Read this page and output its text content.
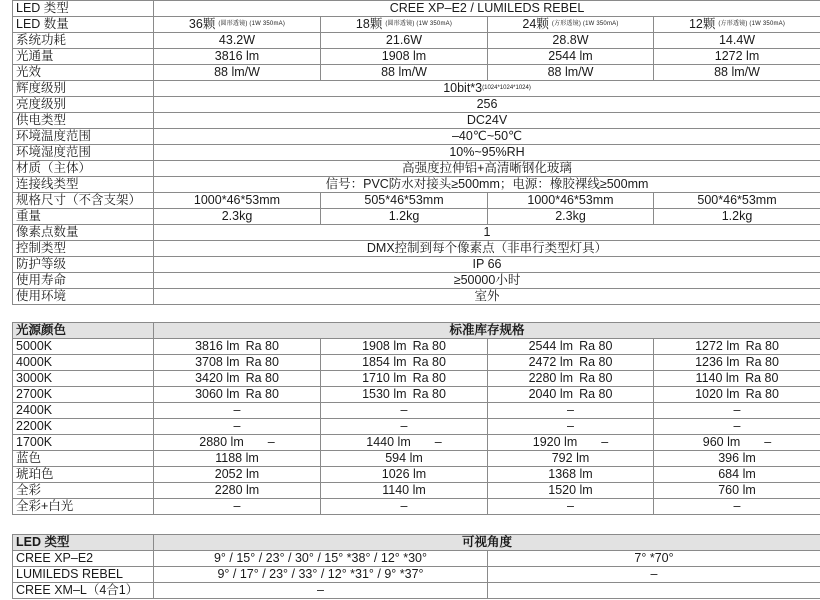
LED 类型	CREE XP–E2 / LUMILEDS REBEL			
LED 数量	36颗 (圆形透镜) (1W 350mA)	18颗 (圆形透镜) (1W 350mA)	24颗 (方形透镜) (1W 350mA)	12颗 (方形透镜) (1W 350mA)
系统功耗	43.2W	21.6W	28.8W	14.4W
光通量	3816 lm	1908 lm	2544 lm	1272 lm
光效	88 lm/W	88 lm/W	88 lm/W	88 lm/W
辉度级别	10bit*3(1024*1024*1024)			
亮度级别	256			
供电类型	DC24V			
环境温度范围	–40℃~50℃			
环境湿度范围	10%~95%RH			
材质（主体）	高强度拉伸铝+高清晰钢化玻璃			
连接线类型	信号：PVC防水对接头≥500mm；电源：橡胶裸线≥500mm			
规格尺寸（不含支架）	1000*46*53mm	505*46*53mm	1000*46*53mm	500*46*53mm
重量	2.3kg	1.2kg	2.3kg	1.2kg
像素点数量	1			
控制类型	DMX控制到每个像素点（非串行类型灯具）			
防护等级	IP 66			
使用寿命	≥50000小时			
使用环境	室外			
光源颜色	标准库存规格			
5000K	3816 lm Ra 80	1908 lm Ra 80	2544 lm Ra 80	1272 lm Ra 80
4000K	3708 lm Ra 80	1854 lm Ra 80	2472 lm Ra 80	1236 lm Ra 80
3000K	3420 lm Ra 80	1710 lm Ra 80	2280 lm Ra 80	1140 lm Ra 80
2700K	3060 lm Ra 80	1530 lm Ra 80	2040 lm Ra 80	1020 lm Ra 80
2400K	–	–	–	–
2200K	–	–	–	–
1700K	2880 lm –	1440 lm –	1920 lm –	960 lm –
蓝色	1188 lm	594 lm	792 lm	396 lm
琥珀色	2052 lm	1026 lm	1368 lm	684 lm
全彩	2280 lm	1140 lm	1520 lm	760 lm
全彩+白光	–	–	–	–
LED 类型	可视角度	
CREE XP–E2	9° / 15° / 23° / 30° / 15° *38° / 12° *30°	7° *70°
LUMILEDS REBEL	9° / 17° / 23° / 33° / 12° *31° / 9° *37°	–
CREE XM–L（4合1）	–	
